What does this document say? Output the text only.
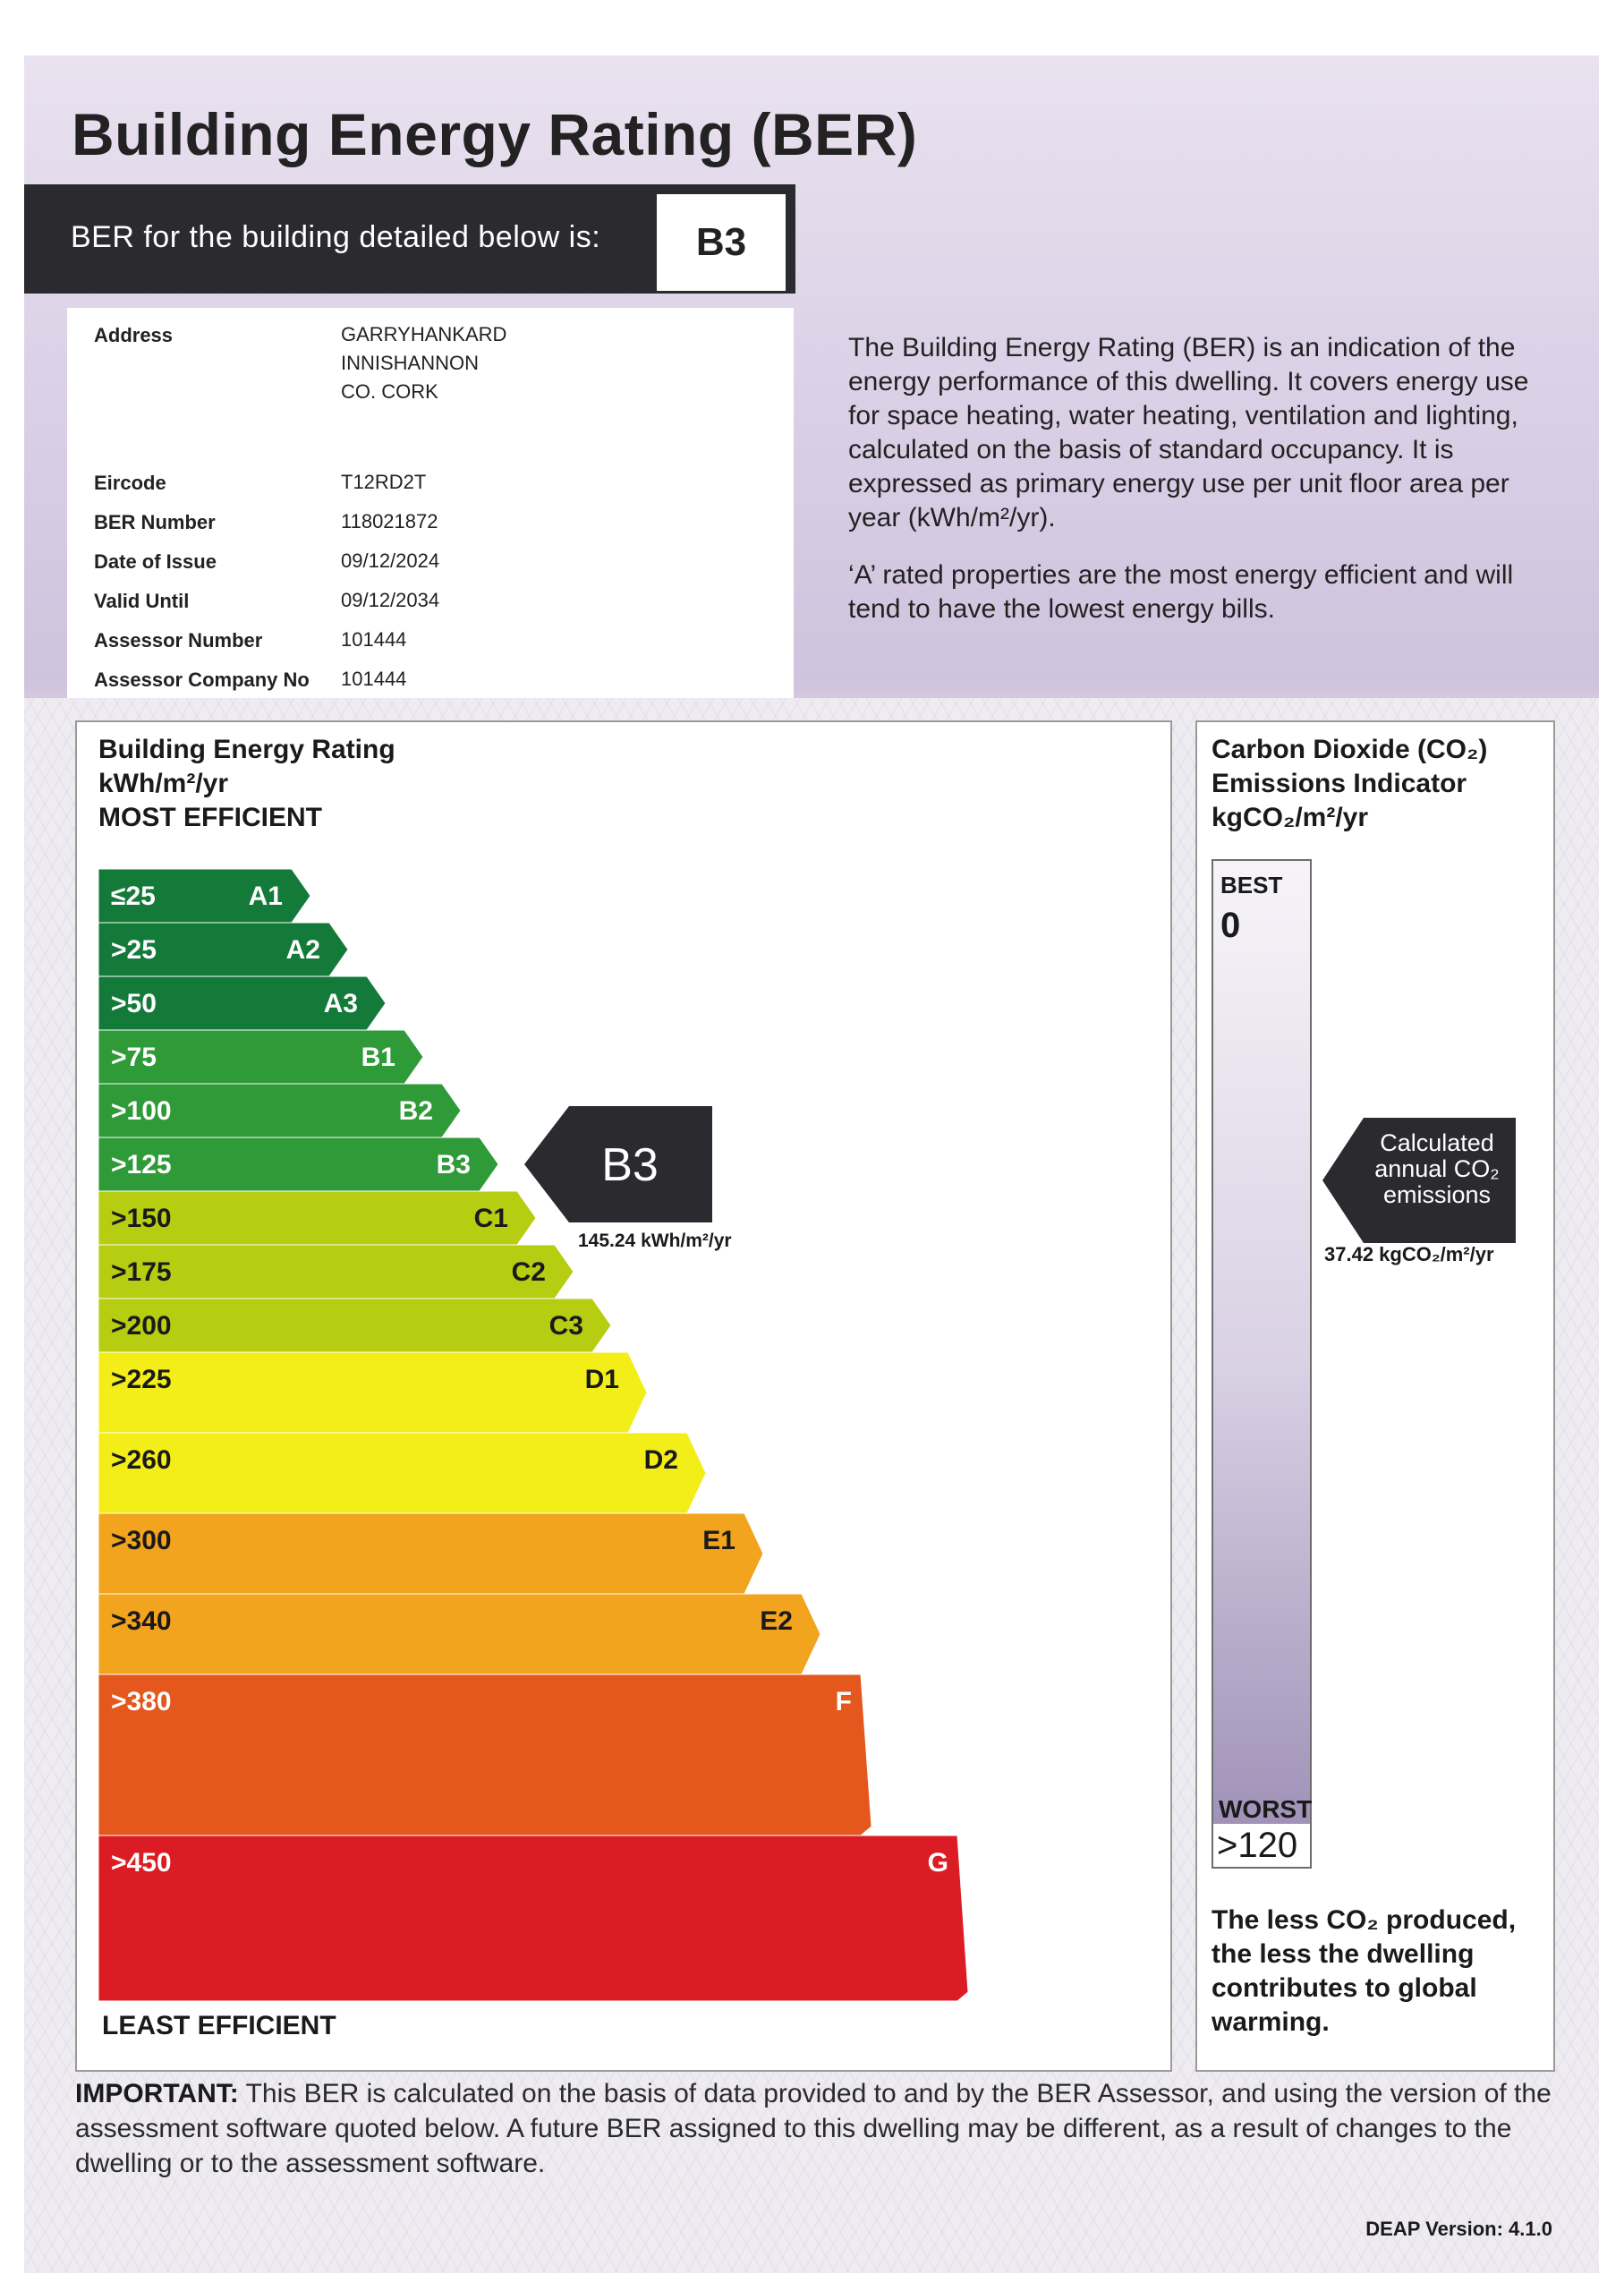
Building Energy Rating (BER)
BER for the building detailed below is:	B3
Address	GARRYHANKARD
INNISHANNON
CO. CORK
Eircode	T12RD2T
BER Number	118021872
Date of Issue	09/12/2024
Valid Until	09/12/2034
Assessor Number	101444
Assessor Company No	101444

The Building Energy Rating (BER) is an indication of the energy performance of this dwelling. It covers energy use for space heating, water heating, ventilation and lighting, calculated on the basis of standard occupancy. It is expressed as primary energy use per unit floor area per year (kWh/m²/yr).

‘A’ rated properties are the most energy efficient and will tend to have the lowest energy bills.

Building Energy Rating
kWh/m²/yr
MOST EFFICIENT
≤25	A1
>25	A2
>50	A3
>75	B1
>100	B2
>125	B3
>150	C1
>175	C2
>200	C3
>225	D1
>260	D2
>300	E1
>340	E2
>380	F
>450	G
B3
145.24 kWh/m²/yr
LEAST EFFICIENT
Carbon Dioxide (CO₂)
Emissions Indicator
kgCO₂/m²/yr
BEST
0
WORST
>120
Calculated
annual CO₂
emissions
37.42 kgCO₂/m²/yr
The less CO₂ produced, the less the dwelling contributes to global warming.
IMPORTANT: This BER is calculated on the basis of data provided to and by the BER Assessor, and using the version of the assessment software quoted below. A future BER assigned to this dwelling may be different, as a result of changes to the dwelling or to the assessment software.
DEAP Version: 4.1.0
